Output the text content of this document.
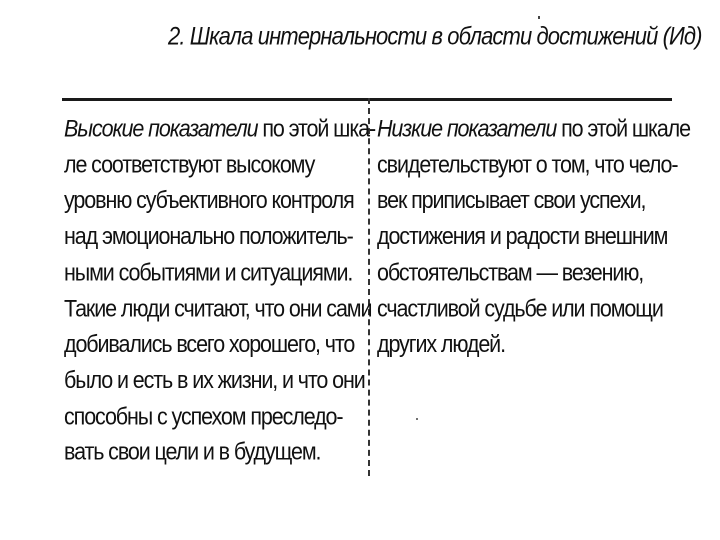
2. Шкала интернальности в области достижений (Ид)
Высокие показатели по этой шка-
ле соответствуют высокому
уровню субъективного контроля
над эмоционально положитель-
ными событиями и ситуациями.
Такие люди считают, что они сами
добивались всего хорошего, что
было и есть в их жизни, и что они
способны с успехом преследо-
вать свои цели и в будущем.
Низкие показатели по этой шкале
свидетельствуют о том, что чело-
век приписывает свои успехи,
достижения и радости внешним
обстоятельствам — везению,
счастливой судьбе или помощи
других людей.
